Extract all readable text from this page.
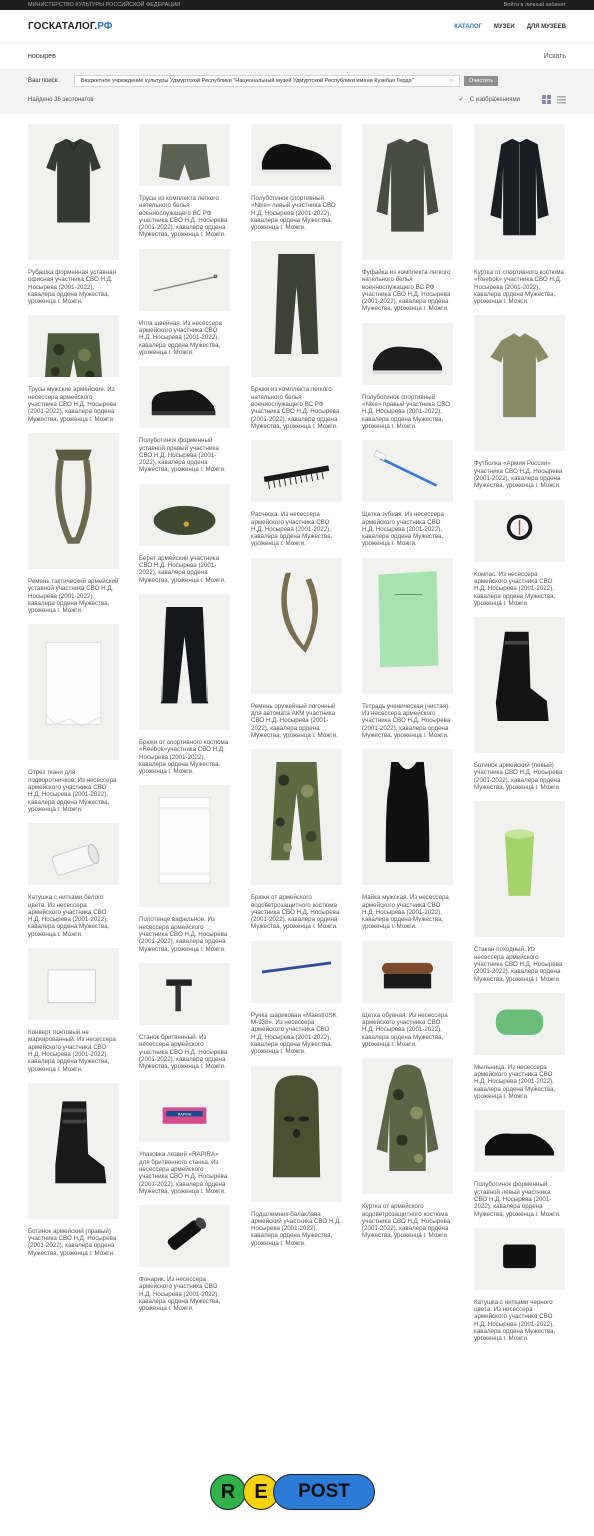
МИНИСТЕРСТВО КУЛЬТУРЫ РОССИЙСКОЙ ФЕДЕРАЦИИ	Войти в личный кабинет
ГОСКАТАЛОГ.РФ	КАТАЛОГ МУЗЕИ ДЛЯ МУЗЕЕВ
носырев
Искать
Ваш поиск:	Бюджетное учреждение культуры Удмуртской Республики "Национальный музей Удмуртской Республики имени Кузебая Герда"	×	Очистить
Найдено 36 экспонатов	✓ С изображениями
Рубашка форменная уставная офисная участника СВО Н.Д. Носырева (2001-2022), кавалера ордена Мужества, уроженца г. Можги.
Трусы мужские армейские. Из несессера армейского участника СВО Н.Д. Носырева (2001-2022), кавалера ордена Мужества, уроженца г. Можги.
Ремень тактический армейский уставной участника СВО Н.Д. Носырева (2001-2022), кавалера ордена Мужества, уроженца г. Можги.
Отрез ткани для подворотничков. Из несессера армейского участника СВО Н.Д. Носырева (2001-2022), кавалера ордена Мужества, уроженца г. Можги.
Катушка с нитками белого цвета. Из несессера армейского участника СВО Н.Д. Носырева (2001-2022), кавалера ордена Мужества, уроженца г. Можги.
Конверт почтовый не маркированный. Из несессера армейского участника СВО Н.Д. Носырева (2001-2022), кавалера ордена Мужества, уроженца г. Можги.
Ботинок армейский (правый) участника СВО Н.Д. Носырева (2001-2022), кавалера ордена Мужества, уроженца г. Можги.
Трусы из комплекта легкого нательного белья военнослужащего ВС РФ участника СВО Н.Д. Носырева (2001-2022), кавалера ордена Мужества, уроженца г. Можги.
Игла швейная. Из несессера армейского участника СВО Н.Д. Носырева (2001-2022), кавалера ордена Мужества, уроженца г. Можги.
Полуботинок форменный уставной правый участника СВО Н.Д. Носырева (2001-2022), кавалера ордена Мужества, уроженца г. Можги.
Берет армейский участника СВО Н.Д. Носырева (2001-2022), кавалера ордена Мужества, уроженца г. Можги.
Брюки от спортивного костюма «Reebok»участника СВО Н.Д. Носырева (2001-2022), кавалера ордена Мужества, уроженца г. Можги.
Полотенце вафельное. Из несессера армейского участника СВО Н.Д. Носырева (2001-2022), кавалера ордена Мужества, уроженца г. Можги.
Станок бритвенный. Из несессера армейского участника СВО Н.Д. Носырева (2001-2022), кавалера ордена Мужества, уроженца г. Можги.
RAPIRA
Упаковка лезвий «RAPIRA» для бритвенного станка. Из несессера армейского участника СВО Н.Д. Носырева (2001-2022), кавалера ордена Мужества, уроженца г. Можги.
Фонарик. Из несессера армейского участника СВО Н.Д. Носырева (2001-2022), кавалера ордена Мужества, уроженца г. Можги.
Полуботинок спортивный «Nike» левый участника СВО Н.Д. Носырева (2001-2022), кавалера ордена Мужества, уроженца г. Можги.
Брюки из комплекта легкого нательного белья военнослужащего ВС РФ участника СВО Н.Д. Носырева (2001-2022), кавалера ордена Мужества, уроженца г. Можги.
Расческа. Из несессера армейского участника СВО Н.Д. Носырева (2001-2022), кавалера ордена Мужества, уроженца г. Можги.
Ремень оружейный погонный для автомата АКМ участника СВО Н.Д. Носырева (2001-2022), кавалера ордена Мужества, уроженца г. Можги.
Брюки от армейского водоветрозащитного костюма участника СВО Н.Д. Носырева (2001-2022), кавалера ордена Мужества, уроженца г. Можги.
Ручка шариковая «MaestroSK M-938». Из несессера армейского участника СВО Н.Д. Носырева (2001-2022), кавалера ордена Мужества, уроженца г. Можги.
Подшлемник-балаклава армейский участника СВО Н.Д. Носырева (2001-2022), кавалера ордена Мужества, уроженца г. Можги.
Фуфайка из комплекта легкого нательного белья военнослужащего ВС РФ участника СВО Н.Д. Носырева (2001-2022), кавалера ордена Мужества, уроженца г. Можги.
Полуботинок спортивный «Nike» правый участника СВО Н.Д. Носырева (2001-2022), кавалера ордена Мужества, уроженца г. Можги.
Щетка зубная. Из несессера армейского участника СВО Н.Д. Носырева (2001-2022), кавалера ордена Мужества, уроженца г. Можги.
Тетрадь ученическая (чистая). Из несессера армейского участника СВО Н.Д. Носырева (2001-2022), кавалера ордена Мужества, уроженца г. Можги.
Майка мужская. Из несессера армейского участника СВО Н.Д. Носырева (2001-2022), кавалера ордена Мужества, уроженца г. Можги.
Щетка обувная. Из несессера армейского участника СВО Н.Д. Носырева (2001-2022), кавалера ордена Мужества, уроженца г. Можги.
Куртка от армейского водоветрозащитного костюма участника СВО Н.Д. Носырева (2001-2022), кавалера ордена Мужества, уроженца г. Можги.
Куртка от спортивного костюма «Reebok» участника СВО Н.Д. Носырева (2001-2022), кавалера ордена Мужества, уроженца г. Можги.
Футболка «Армия России» участника СВО Н.Д. Носырева (2001-2022), кавалера ордена Мужества, уроженца г. Можги.
Компас. Из несессера армейского участника СВО Н.Д. Носырева (2001-2022), кавалера ордена Мужества, уроженца г. Можги.
Ботинок армейский (левый) участника СВО Н.Д. Носырева (2001-2022), кавалера ордена Мужества, уроженца г. Можги.
Стакан походный. Из несессера армейского участника СВО Н.Д. Носырева (2001-2022), кавалера ордена Мужества, уроженца г. Можги.
Мыльница. Из несессера армейского участника СВО Н.Д. Носырева (2001-2022), кавалера ордена Мужества, уроженца г. Можги.
Полуботинок форменный уставной левый участника СВО Н.Д. Носырева (2001-2022), кавалера ордена Мужества, уроженца г. Можги.
Катушка с нитками черного цвета. Из несессера армейского участника СВО Н.Д. Носырева (2001-2022), кавалера ордена Мужества, уроженца г. Можги.
R E	POST
